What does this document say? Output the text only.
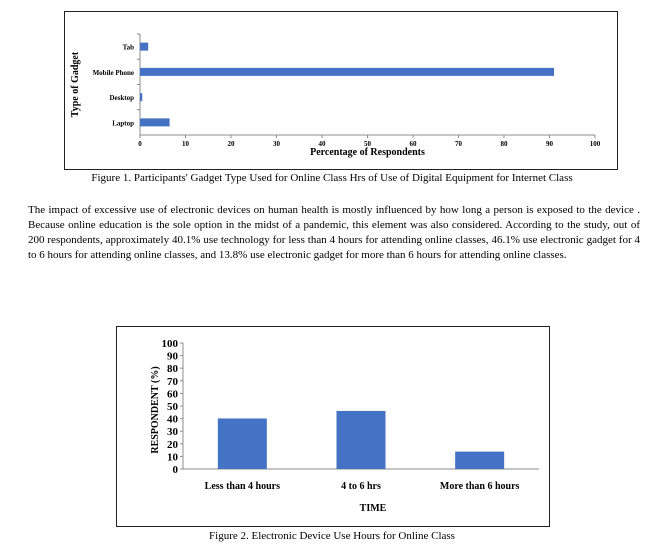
Tab
Mobile Phone
Desktop
Laptop
0	10	20	30	40	50	60	70	80	90	100
Percentage of Respondents
Type of Gadget
Figure 1. Participants' Gadget Type Used for Online Class Hrs of Use of Digital Equipment for Internet Class

The impact of excessive use of electronic devices on human health is mostly influenced by how long a person is exposed to the device . Because online education is the sole option in the midst of a pandemic, this element was also considered. According to the study, out of 200 respondents, approximately 40.1% use technology for less than 4 hours for attending online classes, 46.1% use electronic gadget for 4 to 6 hours for attending online classes, and 13.8% use electronic gadget for more than 6 hours for attending online classes.

0
10
20
30
40
50
60
70
80
90
100
Less than 4 hours	4 to 6 hrs	More than 6 hours
TIME
RESPONDENT (%)
Figure 2. Electronic Device Use Hours for Online Class
